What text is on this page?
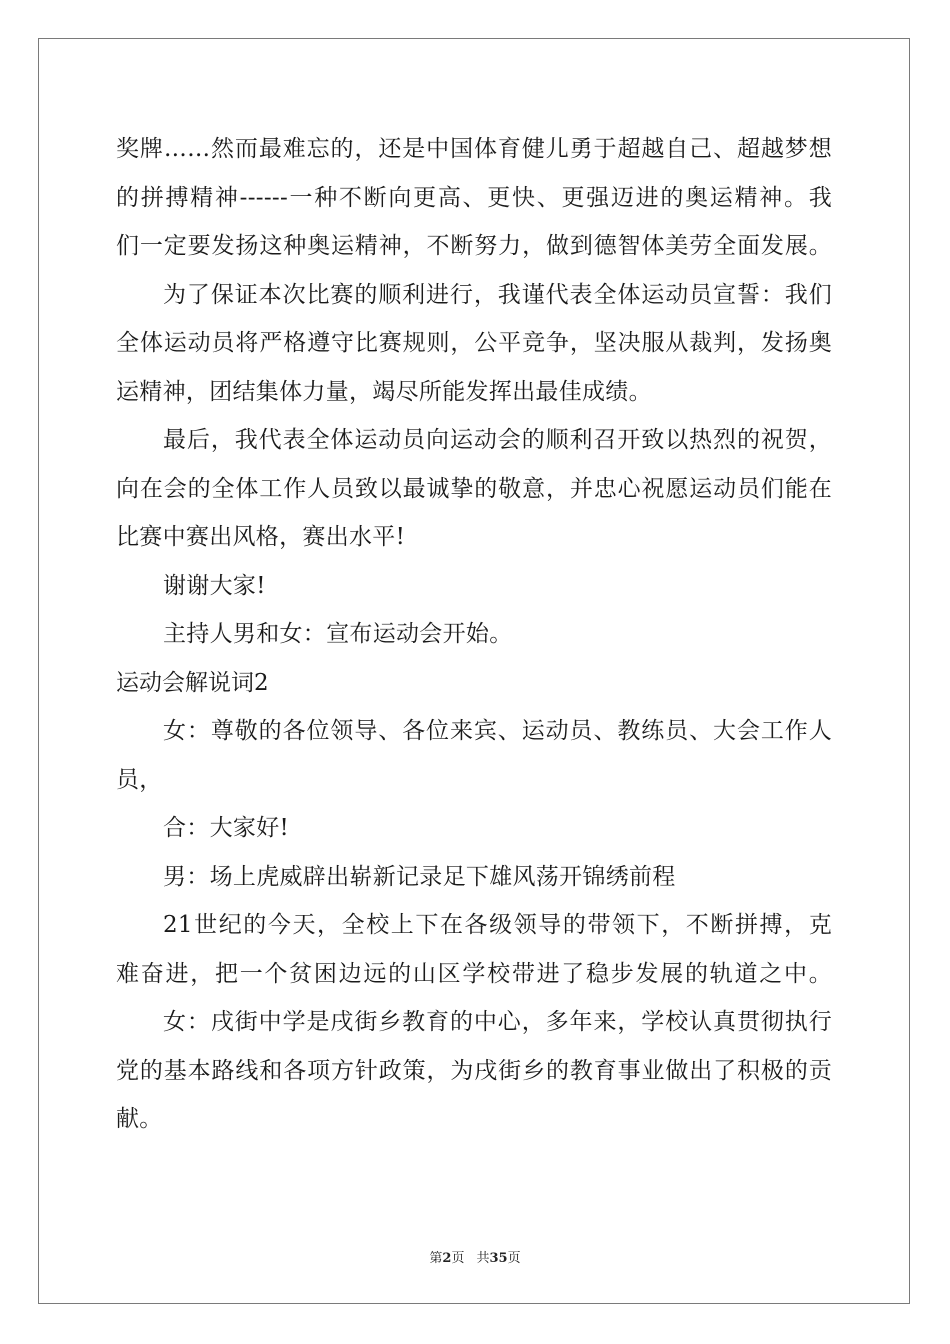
奖牌……然而最难忘的，还是中国体育健儿勇于超越自己、超越梦想
的拼搏精神------一种不断向更高、更快、更强迈进的奥运精神。我
们一定要发扬这种奥运精神，不断努力，做到德智体美劳全面发展。
为了保证本次比赛的顺利进行，我谨代表全体运动员宣誓：我们
全体运动员将严格遵守比赛规则，公平竞争，坚决服从裁判，发扬奥
运精神，团结集体力量，竭尽所能发挥出最佳成绩。
最后，我代表全体运动员向运动会的顺利召开致以热烈的祝贺，
向在会的全体工作人员致以最诚挚的敬意，并忠心祝愿运动员们能在
比赛中赛出风格，赛出水平!
谢谢大家!
主持人男和女：宣布运动会开始。
运动会解说词2
女：尊敬的各位领导、各位来宾、运动员、教练员、大会工作人
员，
合：大家好!
男：场上虎威辟出崭新记录足下雄风荡开锦绣前程
21世纪的今天，全校上下在各级领导的带领下，不断拼搏，克
难奋进，把一个贫困边远的山区学校带进了稳步发展的轨道之中。
女：戌街中学是戌街乡教育的中心，多年来，学校认真贯彻执行
党的基本路线和各项方针政策，为戌街乡的教育事业做出了积极的贡
献。
第2页 共35页
